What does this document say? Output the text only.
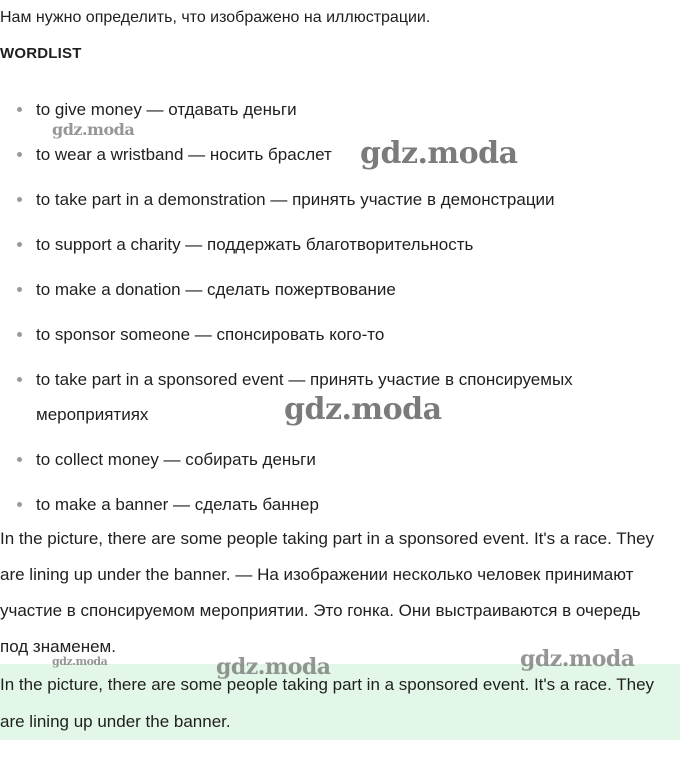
Нам нужно определить, что изображено на иллюстрации.

WORDLIST
to give money — отдавать деньги
to wear a wristband — носить браслет
to take part in a demonstration — принять участие в демонстрации
to support a charity — поддержать благотворительность
to make a donation — сделать пожертвование
to sponsor someone — спонсировать кого-то
to take part in a sponsored event — принять участие в спонсируемых мероприятиях
to collect money — собирать деньги
to make a banner — сделать баннер

In the picture, there are some people taking part in a sponsored event. It's a race. They are lining up under the banner. — На изображении несколько человек принимают участие в спонсируемом мероприятии. Это гонка. Они выстраиваются в очередь под знаменем.

In the picture, there are some people taking part in a sponsored event. It's a race. They are lining up under the banner.

gdz.moda
gdz.moda
gdz.moda
gdz.moda	gdz.moda	gdz.moda
